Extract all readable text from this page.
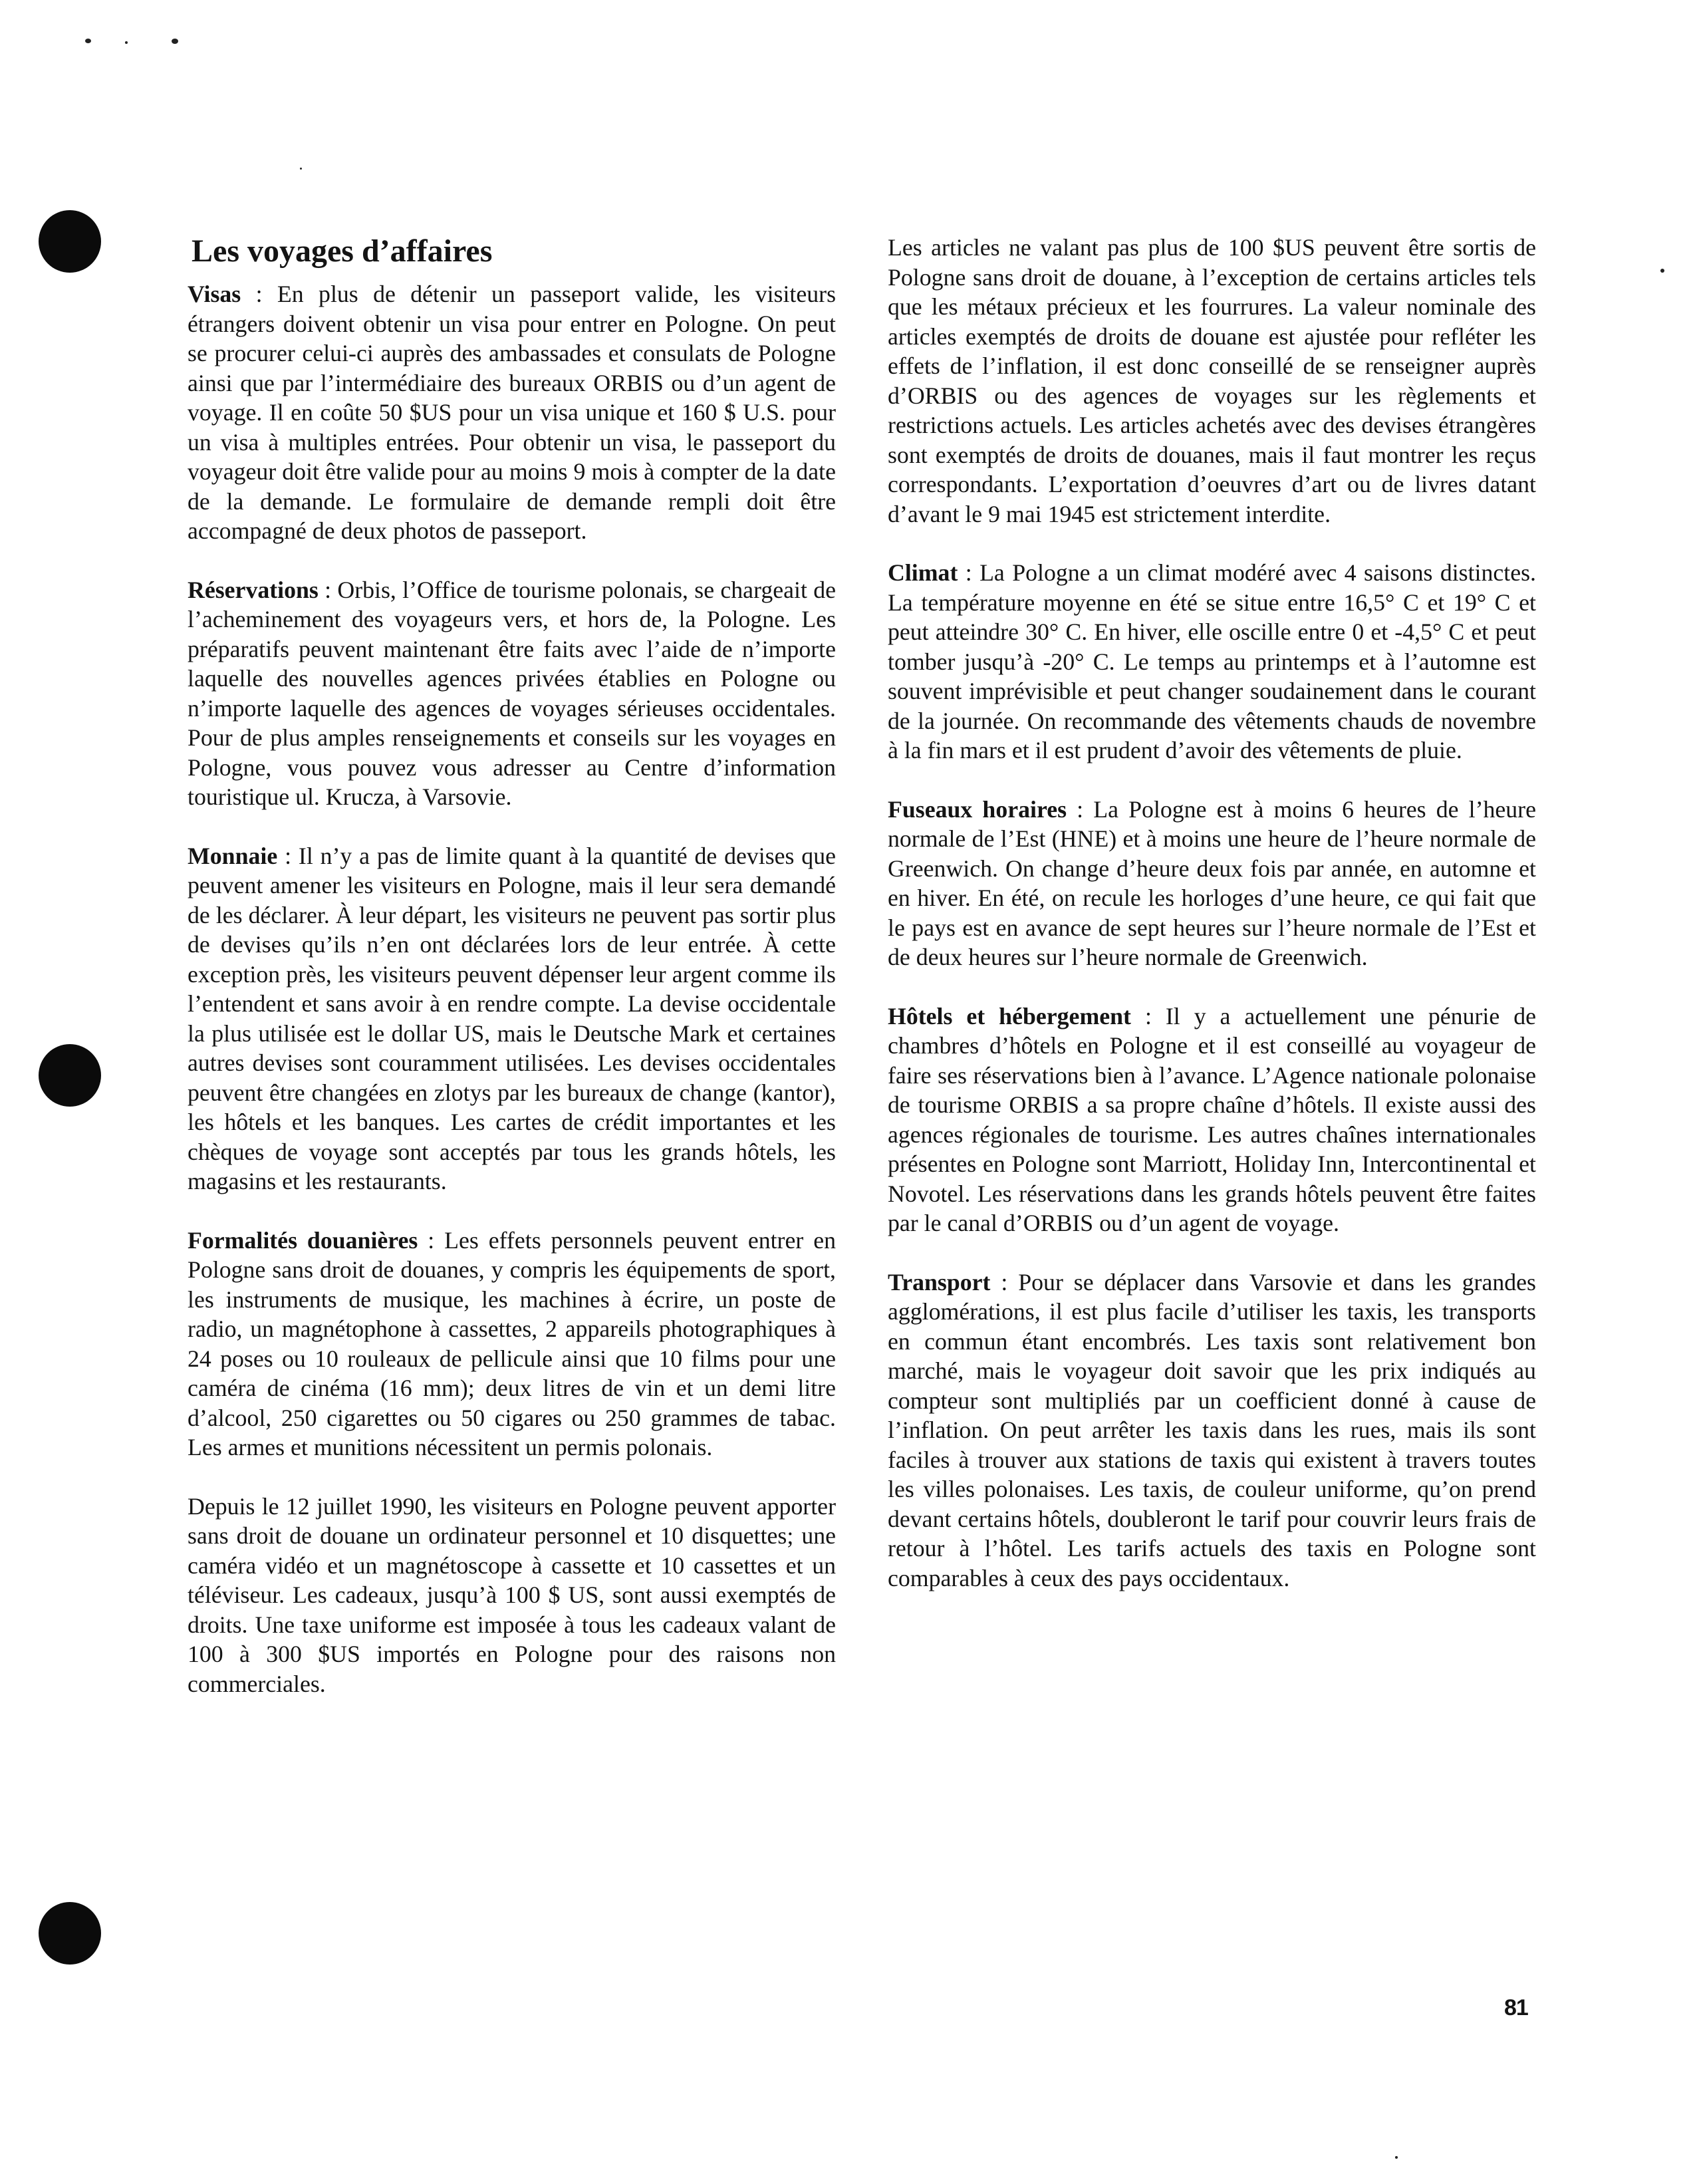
Les voyages d’affaires

Visas : En plus de détenir un passeport valide, les visiteurs étrangers doivent obtenir un visa pour entrer en Pologne. On peut se procurer celui-ci auprès des ambassades et consulats de Pologne ainsi que par l’intermédiaire des bureaux ORBIS ou d’un agent de voyage. Il en coûte 50 $US pour un visa unique et 160 $ U.S. pour un visa à multiples entrées. Pour obtenir un visa, le passeport du voyageur doit être valide pour au moins 9 mois à compter de la date de la demande. Le formulaire de demande rempli doit être accompagné de deux photos de passeport.

Réservations : Orbis, l’Office de tourisme polonais, se chargeait de l’acheminement des voyageurs vers, et hors de, la Pologne. Les préparatifs peuvent maintenant être faits avec l’aide de n’importe laquelle des nouvelles agences privées établies en Pologne ou n’importe laquelle des agences de voyages sérieuses occidentales. Pour de plus amples renseignements et conseils sur les voyages en Pologne, vous pouvez vous adresser au Centre d’information touristique ul. Krucza, à Varsovie.

Monnaie : Il n’y a pas de limite quant à la quantité de devises que peuvent amener les visiteurs en Pologne, mais il leur sera demandé de les déclarer. À leur départ, les visiteurs ne peuvent pas sortir plus de devises qu’ils n’en ont déclarées lors de leur entrée. À cette exception près, les visiteurs peuvent dépenser leur argent comme ils l’entendent et sans avoir à en rendre compte. La devise occidentale la plus utilisée est le dollar US, mais le Deutsche Mark et certaines autres devises sont couramment utilisées. Les devises occidentales peuvent être changées en zlotys par les bureaux de change (kantor), les hôtels et les banques. Les cartes de crédit importantes et les chèques de voyage sont acceptés par tous les grands hôtels, les magasins et les restaurants.

Formalités douanières : Les effets personnels peuvent entrer en Pologne sans droit de douanes, y compris les équipements de sport, les instruments de musique, les machines à écrire, un poste de radio, un magnétophone à cassettes, 2 appareils photographiques à 24 poses ou 10 rouleaux de pellicule ainsi que 10 films pour une caméra de cinéma (16 mm); deux litres de vin et un demi litre d’alcool, 250 cigarettes ou 50 cigares ou 250 grammes de tabac. Les armes et munitions nécessitent un permis polonais.

Depuis le 12 juillet 1990, les visiteurs en Pologne peuvent apporter sans droit de douane un ordinateur personnel et 10 disquettes; une caméra vidéo et un magnétoscope à cassette et 10 cassettes et un téléviseur. Les cadeaux, jusqu’à 100 $ US, sont aussi exemptés de droits. Une taxe uniforme est imposée à tous les cadeaux valant de 100 à 300 $US importés en Pologne pour des raisons non commerciales.

Les articles ne valant pas plus de 100 $US peuvent être sortis de Pologne sans droit de douane, à l’exception de certains articles tels que les métaux précieux et les fourrures. La valeur nominale des articles exemptés de droits de douane est ajustée pour refléter les effets de l’inflation, il est donc conseillé de se renseigner auprès d’ORBIS ou des agences de voyages sur les règlements et restrictions actuels. Les articles achetés avec des devises étrangères sont exemptés de droits de douanes, mais il faut montrer les reçus correspondants. L’exportation d’oeuvres d’art ou de livres datant d’avant le 9 mai 1945 est strictement interdite.

Climat : La Pologne a un climat modéré avec 4 saisons distinctes. La température moyenne en été se situe entre 16,5° C et 19° C et peut atteindre 30° C. En hiver, elle oscille entre 0 et -4,5° C et peut tomber jusqu’à -20° C. Le temps au printemps et à l’automne est souvent imprévisible et peut changer soudainement dans le courant de la journée. On recommande des vêtements chauds de novembre à la fin mars et il est prudent d’avoir des vêtements de pluie.

Fuseaux horaires : La Pologne est à moins 6 heures de l’heure normale de l’Est (HNE) et à moins une heure de l’heure normale de Greenwich. On change d’heure deux fois par année, en automne et en hiver. En été, on recule les horloges d’une heure, ce qui fait que le pays est en avance de sept heures sur l’heure normale de l’Est et de deux heures sur l’heure normale de Greenwich.

Hôtels et hébergement : Il y a actuellement une pénurie de chambres d’hôtels en Pologne et il est conseillé au voyageur de faire ses réservations bien à l’avance. L’Agence nationale polonaise de tourisme ORBIS a sa propre chaîne d’hôtels. Il existe aussi des agences régionales de tourisme. Les autres chaînes internationales présentes en Pologne sont Marriott, Holiday Inn, Intercontinental et Novotel. Les réservations dans les grands hôtels peuvent être faites par le canal d’ORBIS ou d’un agent de voyage.

Transport : Pour se déplacer dans Varsovie et dans les grandes agglomérations, il est plus facile d’utiliser les taxis, les transports en commun étant encombrés. Les taxis sont relativement bon marché, mais le voyageur doit savoir que les prix indiqués au compteur sont multipliés par un coefficient donné à cause de l’inflation. On peut arrêter les taxis dans les rues, mais ils sont faciles à trouver aux stations de taxis qui existent à travers toutes les villes polonaises. Les taxis, de couleur uniforme, qu’on prend devant certains hôtels, doubleront le tarif pour couvrir leurs frais de retour à l’hôtel. Les tarifs actuels des taxis en Pologne sont comparables à ceux des pays occidentaux.

81
